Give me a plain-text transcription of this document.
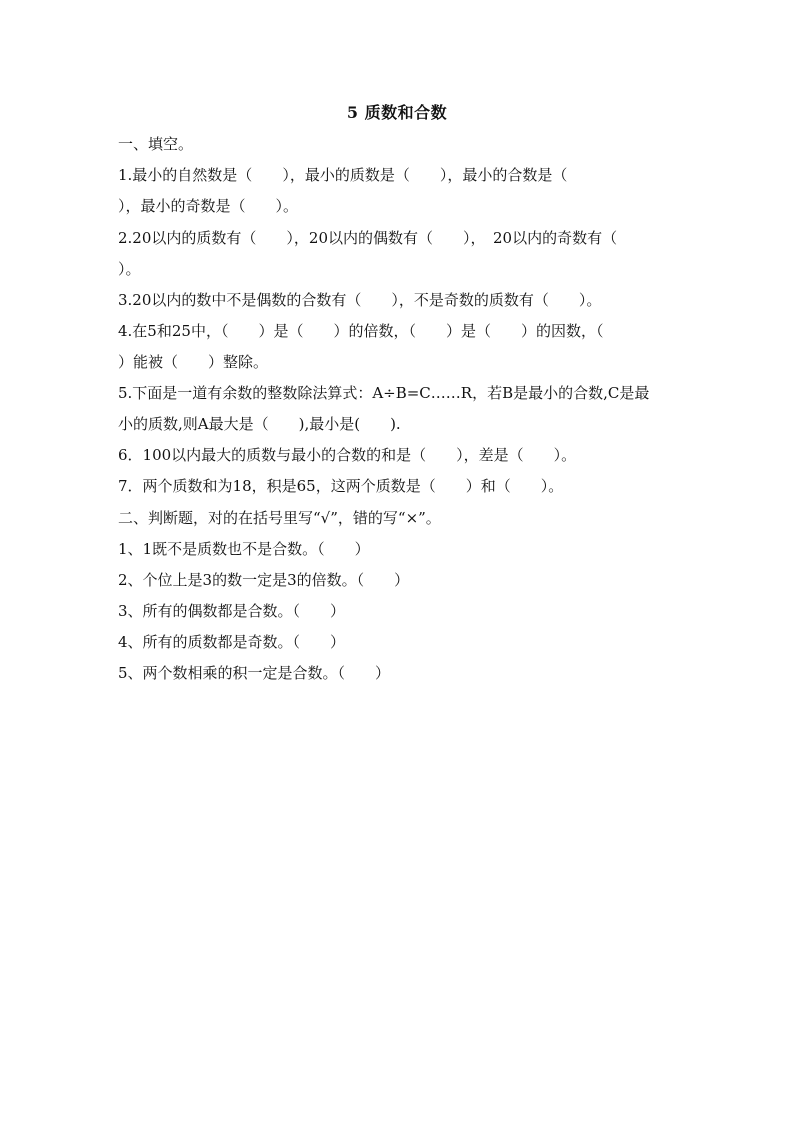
5 质数和合数
一、填空。
1.最小的自然数是（　　），最小的质数是（　　），最小的合数是（
），最小的奇数是（　　）。
2.20以内的质数有（　　），20以内的偶数有（　　），　20以内的奇数有（
）。
3.20以内的数中不是偶数的合数有（　　），不是奇数的质数有（　　）。
4.在5和25中，（　　）是（　　）的倍数，（　　）是（　　）的因数，（
）能被（　　）整除。
5.下面是一道有余数的整数除法算式：A÷B=C……R，若B是最小的合数,C是最
小的质数,则A最大是（　　),最小是(　　).
6．100以内最大的质数与最小的合数的和是（　　），差是（　　）。
7．两个质数和为18，积是65，这两个质数是（　　）和（　　）。
二、判断题，对的在括号里写“√”，错的写“×”。
1、1既不是质数也不是合数。（　　）
2、个位上是3的数一定是3的倍数。（　　）
3、所有的偶数都是合数。（　　）
4、所有的质数都是奇数。（　　）
5、两个数相乘的积一定是合数。（　　）
